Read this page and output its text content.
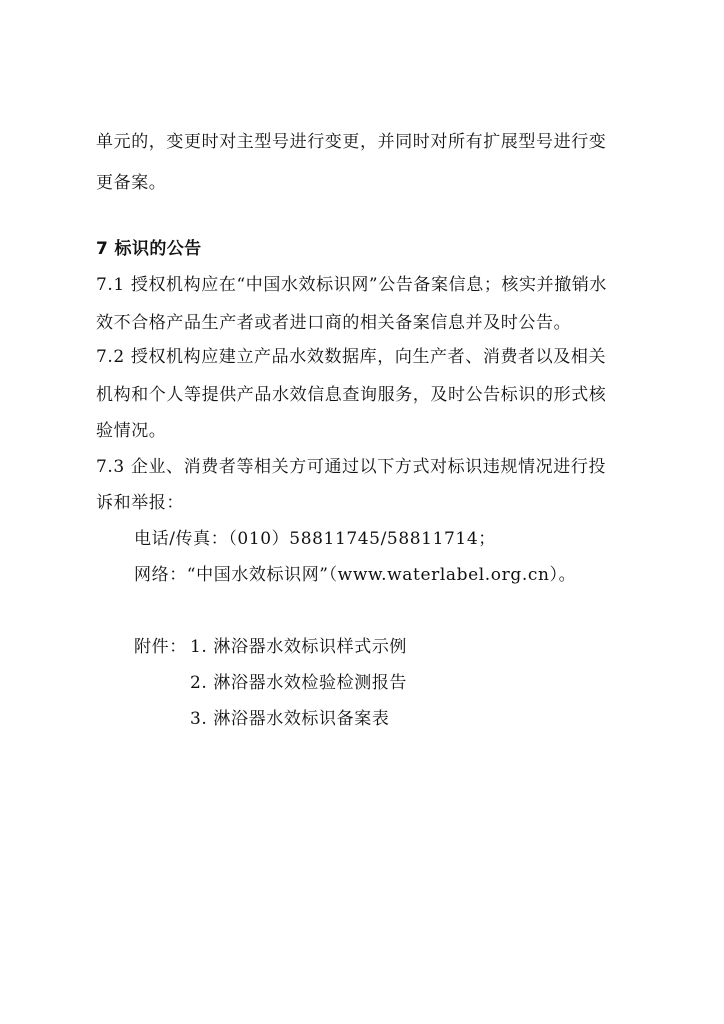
单元的，变更时对主型号进行变更，并同时对所有扩展型号进行变
更备案。
7 标识的公告
7.1 授权机构应在“中国水效标识网”公告备案信息；核实并撤销水
效不合格产品生产者或者进口商的相关备案信息并及时公告。
7.2 授权机构应建立产品水效数据库，向生产者、消费者以及相关
机构和个人等提供产品水效信息查询服务，及时公告标识的形式核
验情况。
7.3 企业、消费者等相关方可通过以下方式对标识违规情况进行投
诉和举报：
电话/传真：（010）58811745/58811714；
网络：“中国水效标识网”（www.waterlabel.org.cn）。
附件： 1. 淋浴器水效标识样式示例
2. 淋浴器水效检验检测报告
3. 淋浴器水效标识备案表
